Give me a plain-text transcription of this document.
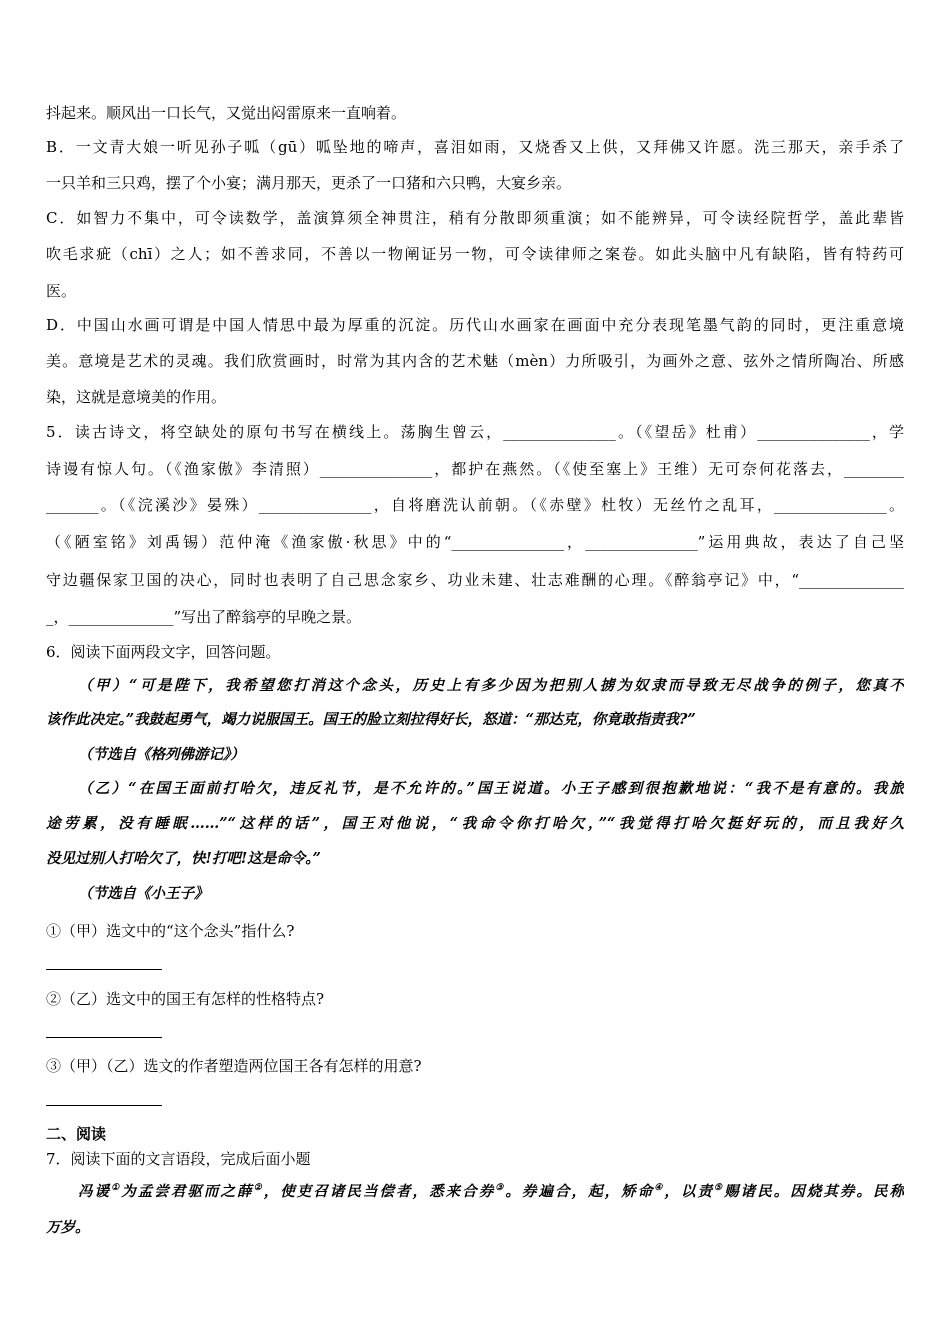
抖起来。顺风出一口长气，又觉出闷雷原来一直响着。

B．一文青大娘一听见孙子呱（gū）呱坠地的啼声，喜泪如雨，又烧香又上供，又拜佛又许愿。洗三那天，亲手杀了

一只羊和三只鸡，摆了个小宴；满月那天，更杀了一口猪和六只鸭，大宴乡亲。

C．如智力不集中，可令读数学，盖演算须全神贯注，稍有分散即须重演；如不能辨异，可令读经院哲学，盖此辈皆

吹毛求疵（chī）之人；如不善求同，不善以一物阐证另一物，可令读律师之案卷。如此头脑中凡有缺陷，皆有特药可

医。

D．中国山水画可谓是中国人情思中最为厚重的沉淀。历代山水画家在画面中充分表现笔墨气韵的同时，更注重意境

美。意境是艺术的灵魂。我们欣赏画时，时常为其内含的艺术魅（mèn）力所吸引，为画外之意、弦外之情所陶冶、所感

染，这就是意境美的作用。

5．读古诗文，将空缺处的原句书写在横线上。荡胸生曾云，_______________。（《望岳》杜甫）_______________，学

诗谩有惊人句。（《渔家傲》李清照）_______________，都护在燕然。（《使至塞上》王维）无可奈何花落去，________

_______。（《浣溪沙》晏殊）_______________，自将磨洗认前朝。（《赤壁》杜牧）无丝竹之乱耳，_______________。

（《陋室铭》刘禹锡）范仲淹《渔家傲·秋思》中的“_______________，_______________”运用典故，表达了自己坚

守边疆保家卫国的决心，同时也表明了自己思念家乡、功业未建、壮志难酬的心理。《醉翁亭记》中，“______________

_，______________”写出了醉翁亭的早晚之景。

6．阅读下面两段文字，回答问题。

（甲）“可是陛下，我希望您打消这个念头，历史上有多少因为把别人掳为奴隶而导致无尽战争的例子，您真不

该作此决定。”我鼓起勇气，竭力说服国王。国王的脸立刻拉得好长，怒道：“那达克，你竟敢指责我?”

（节选自《格列佛游记》）

（乙）“在国王面前打哈欠，违反礼节，是不允许的。”国王说道。小王子感到很抱歉地说：“我不是有意的。我旅

途劳累，没有睡眠……”“这样的话”，国王对他说，“我命令你打哈欠，”“我觉得打哈欠挺好玩的，而且我好久

没见过别人打哈欠了，快!打吧!这是命令。”

（节选自《小王子》

①（甲）选文中的“这个念头”指什么?

②（乙）选文中的国王有怎样的性格特点?

③（甲）（乙）选文的作者塑造两位国王各有怎样的用意?

二、阅读

7．阅读下面的文言语段，完成后面小题

冯谖①为孟尝君驱而之薛②，使吏召诸民当偿者，悉来合券③。券遍合，起，矫命④，以责⑤赐诸民。因烧其券。民称

万岁。
